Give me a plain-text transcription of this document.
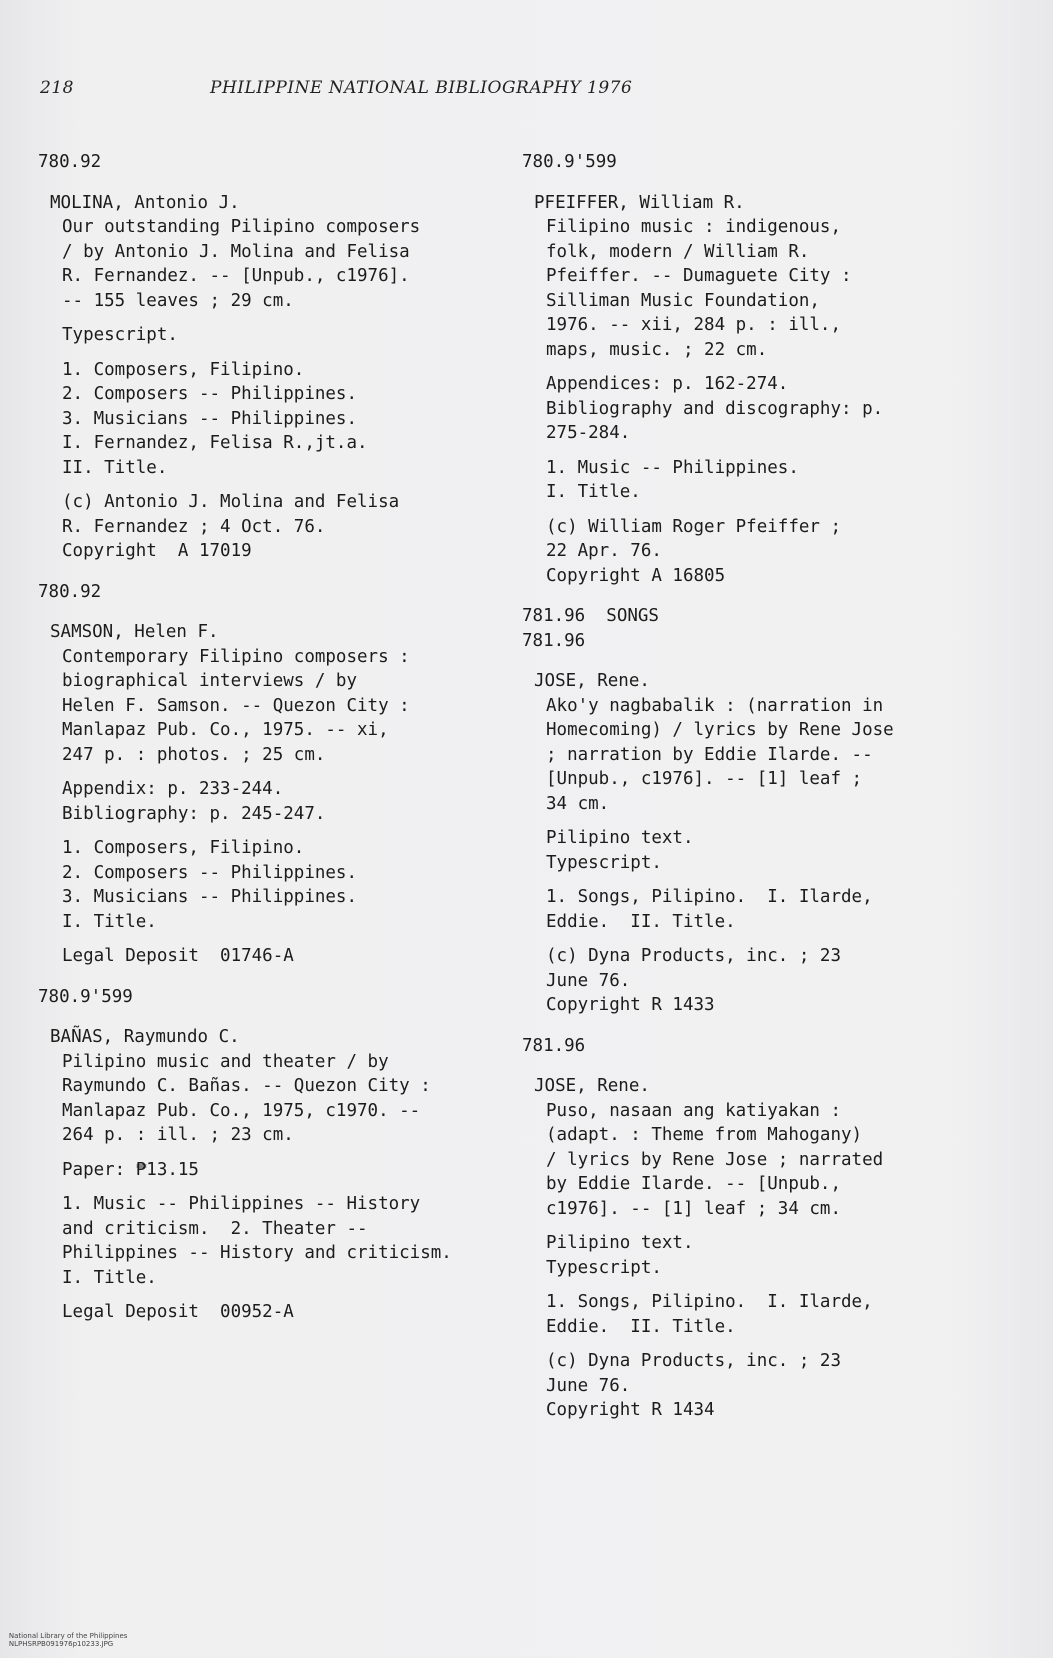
218	PHILIPPINE NATIONAL BIBLIOGRAPHY 1976
780.92
MOLINA, Antonio J.
Our outstanding Pilipino composers
/ by Antonio J. Molina and Felisa
R. Fernandez. -- [Unpub., c1976].
-- 155 leaves ; 29 cm.
Typescript.
1. Composers, Filipino.
2. Composers -- Philippines.
3. Musicians -- Philippines.
I. Fernandez, Felisa R.,jt.a.
II. Title.
(c) Antonio J. Molina and Felisa
R. Fernandez ; 4 Oct. 76.
Copyright  A 17019
780.92
SAMSON, Helen F.
Contemporary Filipino composers :
biographical interviews / by
Helen F. Samson. -- Quezon City :
Manlapaz Pub. Co., 1975. -- xi,
247 p. : photos. ; 25 cm.
Appendix: p. 233-244.
Bibliography: p. 245-247.
1. Composers, Filipino.
2. Composers -- Philippines.
3. Musicians -- Philippines.
I. Title.
Legal Deposit  01746-A
780.9'599
BAÑAS, Raymundo C.
Pilipino music and theater / by
Raymundo C. Bañas. -- Quezon City :
Manlapaz Pub. Co., 1975, c1970. --
264 p. : ill. ; 23 cm.
Paper: ₱13.15
1. Music -- Philippines -- History
and criticism.  2. Theater --
Philippines -- History and criticism.
I. Title.
Legal Deposit  00952-A
780.9'599
PFEIFFER, William R.
Filipino music : indigenous,
folk, modern / William R.
Pfeiffer. -- Dumaguete City :
Silliman Music Foundation,
1976. -- xii, 284 p. : ill.,
maps, music. ; 22 cm.
Appendices: p. 162-274.
Bibliography and discography: p.
275-284.
1. Music -- Philippines.
I. Title.
(c) William Roger Pfeiffer ;
22 Apr. 76.
Copyright A 16805
781.96  SONGS
781.96
JOSE, Rene.
Ako'y nagbabalik : (narration in
Homecoming) / lyrics by Rene Jose
; narration by Eddie Ilarde. --
[Unpub., c1976]. -- [1] leaf ;
34 cm.
Pilipino text.
Typescript.
1. Songs, Pilipino.  I. Ilarde,
Eddie.  II. Title.
(c) Dyna Products, inc. ; 23
June 76.
Copyright R 1433
781.96
JOSE, Rene.
Puso, nasaan ang katiyakan :
(adapt. : Theme from Mahogany)
/ lyrics by Rene Jose ; narrated
by Eddie Ilarde. -- [Unpub.,
c1976]. -- [1] leaf ; 34 cm.
Pilipino text.
Typescript.
1. Songs, Pilipino.  I. Ilarde,
Eddie.  II. Title.
(c) Dyna Products, inc. ; 23
June 76.
Copyright R 1434

National Library of the Philippines
NLPHSRPB091976p10233.JPG
